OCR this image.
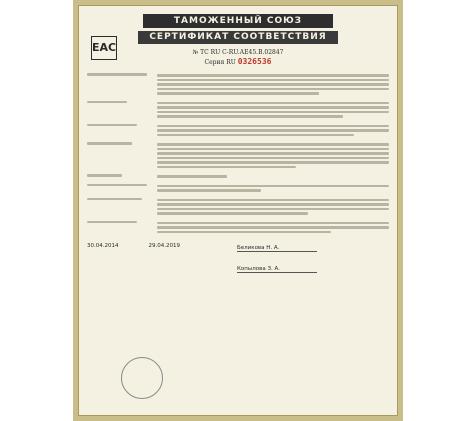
ТАМОЖЕННЫЙ СОЮЗ
СЕРТИФИКАТ СООТВЕТСТВИЯ
EAC	№ ТС RU C-RU.АЕ45.В.02847
Серия RU 0326536
30.04.2014	29.04.2019	Беликова Н. А.
Копылова З. А.
